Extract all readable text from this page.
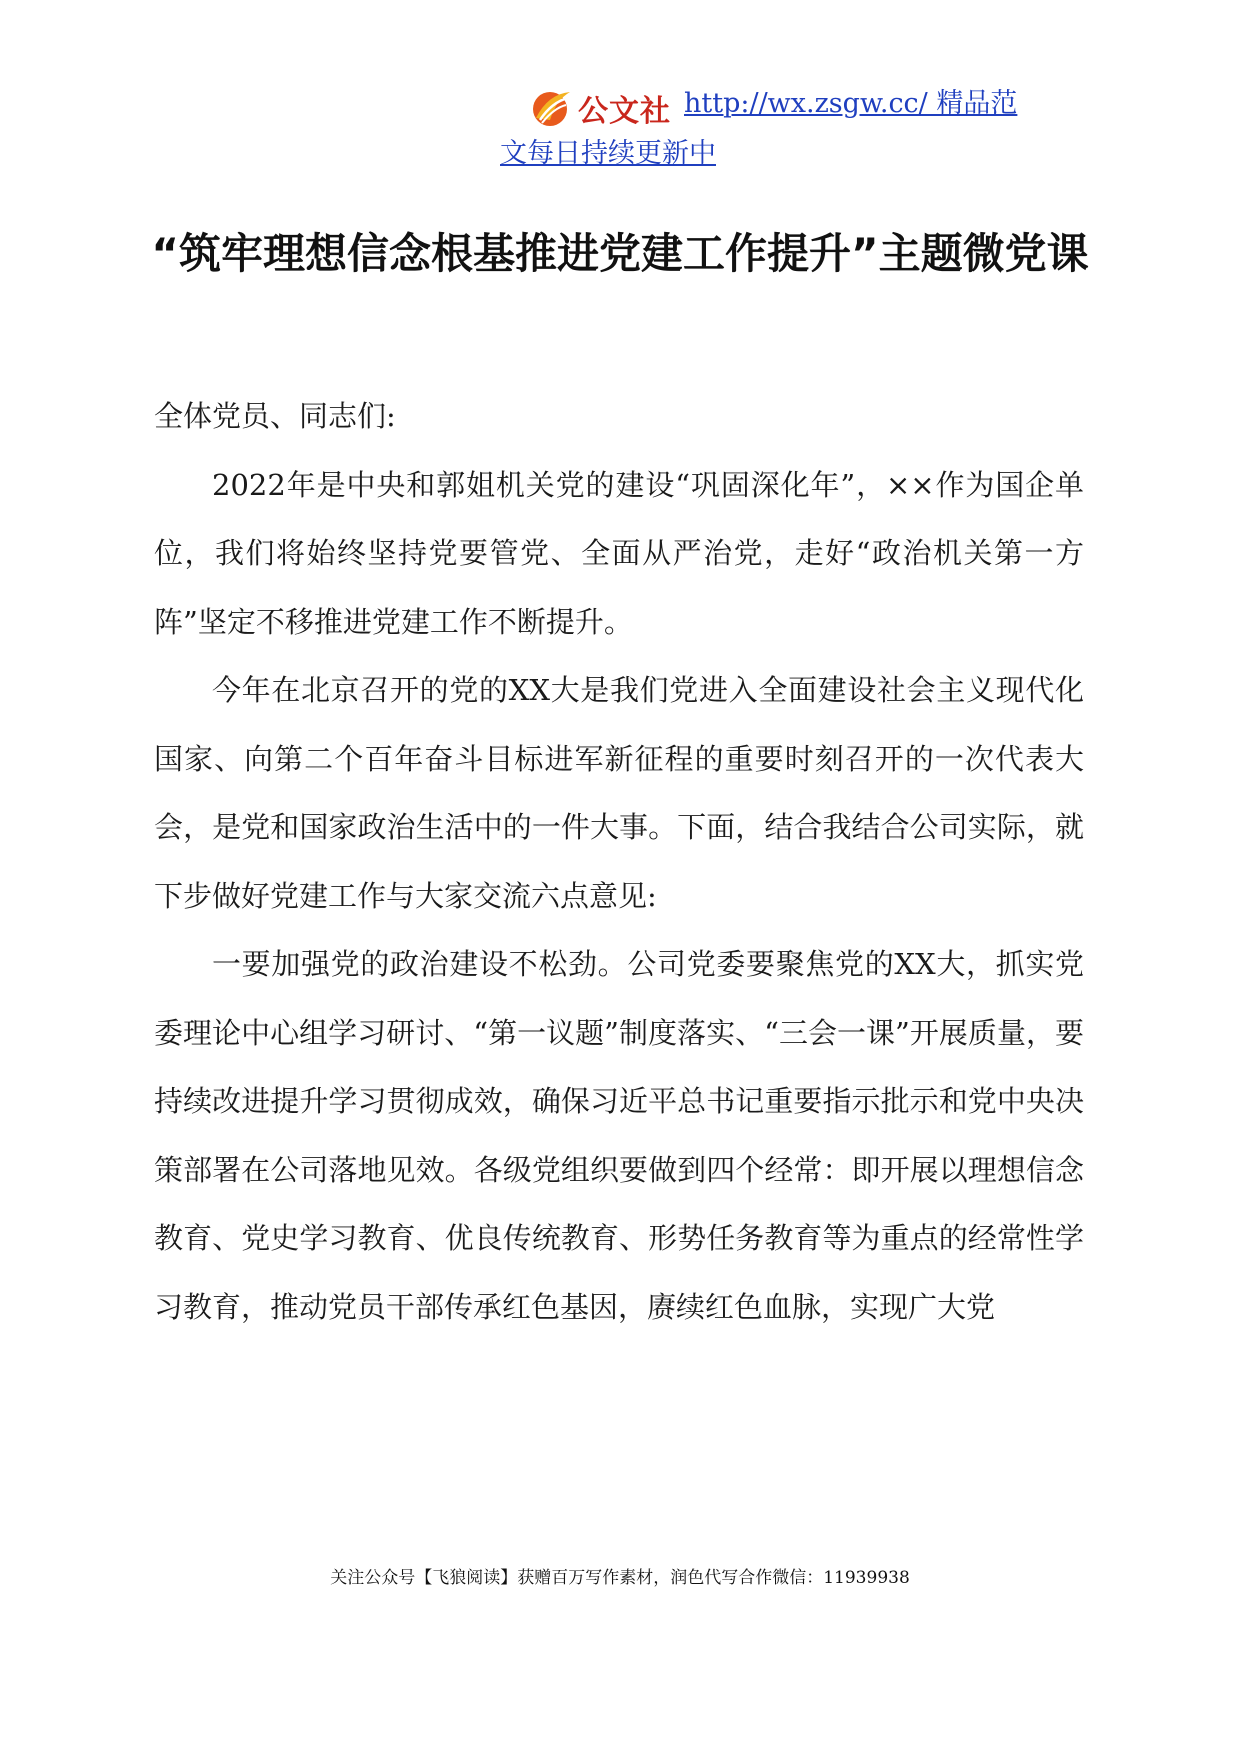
公文社 http://wx.zsgw.cc/ 精品范
文每日持续更新中
“筑牢理想信念根基推进党建工作提升”主题微党课

全体党员、同志们:

2022年是中央和郭姐机关党的建设“巩固深化年”，××作为国企单位，我们将始终坚持党要管党、全面从严治党，走好“政治机关第一方阵”坚定不移推进党建工作不断提升。

今年在北京召开的党的XX大是我们党进入全面建设社会主义现代化国家、向第二个百年奋斗目标进军新征程的重要时刻召开的一次代表大会，是党和国家政治生活中的一件大事。下面，结合我结合公司实际，就下步做好党建工作与大家交流六点意见:

一要加强党的政治建设不松劲。公司党委要聚焦党的XX大，抓实党委理论中心组学习研讨、“第一议题”制度落实、“三会一课”开展质量，要持续改进提升学习贯彻成效，确保习近平总书记重要指示批示和党中央决策部署在公司落地见效。各级党组织要做到四个经常：即开展以理想信念教育、党史学习教育、优良传统教育、形势任务教育等为重点的经常性学习教育，推动党员干部传承红色基因，赓续红色血脉，实现广大党

关注公众号【飞狼阅读】获赠百万写作素材，润色代写合作微信：11939938
